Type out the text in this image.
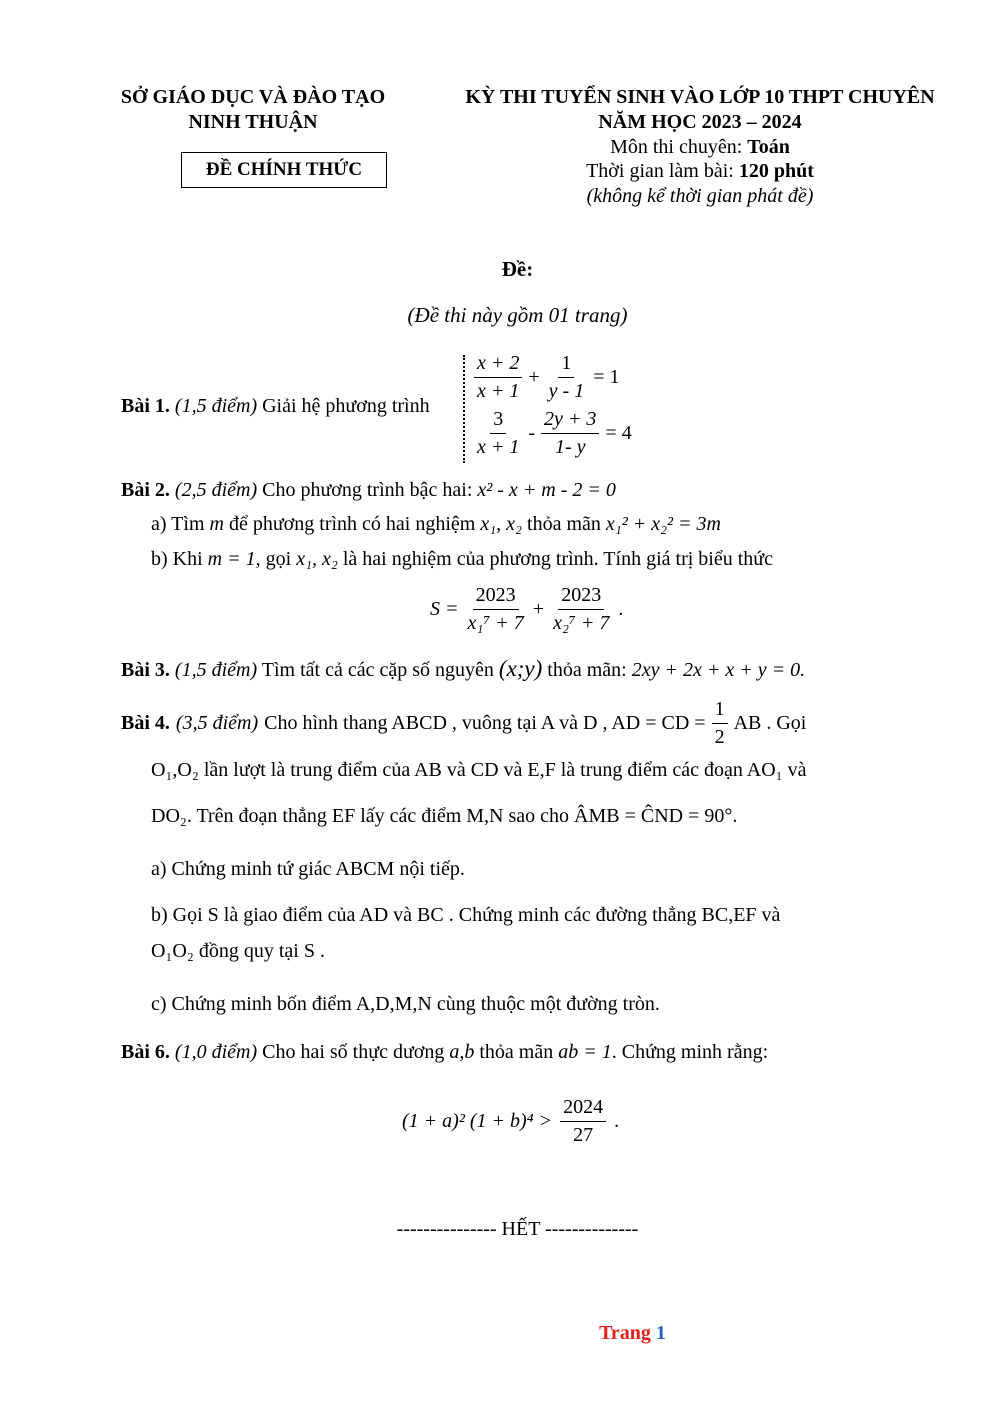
SỞ GIÁO DỤC VÀ ĐÀO TẠO
NINH THUẬN
ĐỀ CHÍNH THỨC
KỲ THI TUYỂN SINH VÀO LỚP 10 THPT CHUYÊN
NĂM HỌC 2023 – 2024
Môn thi chuyên: Toán
Thời gian làm bài: 120 phút
(không kể thời gian phát đề)
Đề:
(Đề thi này gồm 01 trang)
Bài 1. (1,5 điểm) Giải hệ phương trình
$\frac{x + 2}{x + 1} + \frac{1}{y - 1} = 1$
$\frac{3}{x + 1} - \frac{2y + 3}{1- y} = 4$
Bài 2. (2,5 điểm) Cho phương trình bậc hai: x² - x + m - 2 = 0
a) Tìm m để phương trình có hai nghiệm x₁, x₂ thỏa mãn x₁² + x₂² = 3m
b) Khi m = 1, gọi x₁, x₂ là hai nghiệm của phương trình. Tính giá trị biểu thức
$S = \frac{2023}{\text{x₁⁷ + 7}} + \frac{2023}{\text{x₂⁷ + 7}}$ .
Bài 3. (1,5 điểm) Tìm tất cả các cặp số nguyên (x;y) thỏa mãn: 2xy + 2x + x + y = 0.
Bài 4. (3,5 điểm) Cho hình thang ABCD , vuông tại A và D , AD = CD = $\frac{1}{2}$ AB . Gọi
O₁,O₂ lần lượt là trung điểm của AB và CD và E,F là trung điểm các đoạn AO₁ và
DO₂. Trên đoạn thẳng EF lấy các điểm M,N sao cho ÂMB = ĈND = 90°.
a) Chứng minh tứ giác ABCM nội tiếp.
b) Gọi S là giao điểm của AD và BC . Chứng minh các đường thẳng BC,EF và
O₁O₂ đồng quy tại S .
c) Chứng minh bốn điểm A,D,M,N cùng thuộc một đường tròn.
Bài 6. (1,0 điểm) Cho hai số thực dương a,b thỏa mãn ab = 1. Chứng minh rằng:
(1 + a)² $(1 + b)^4 > \frac{2024}{27}$ .
--------------- HẾT --------------
Trang 1
